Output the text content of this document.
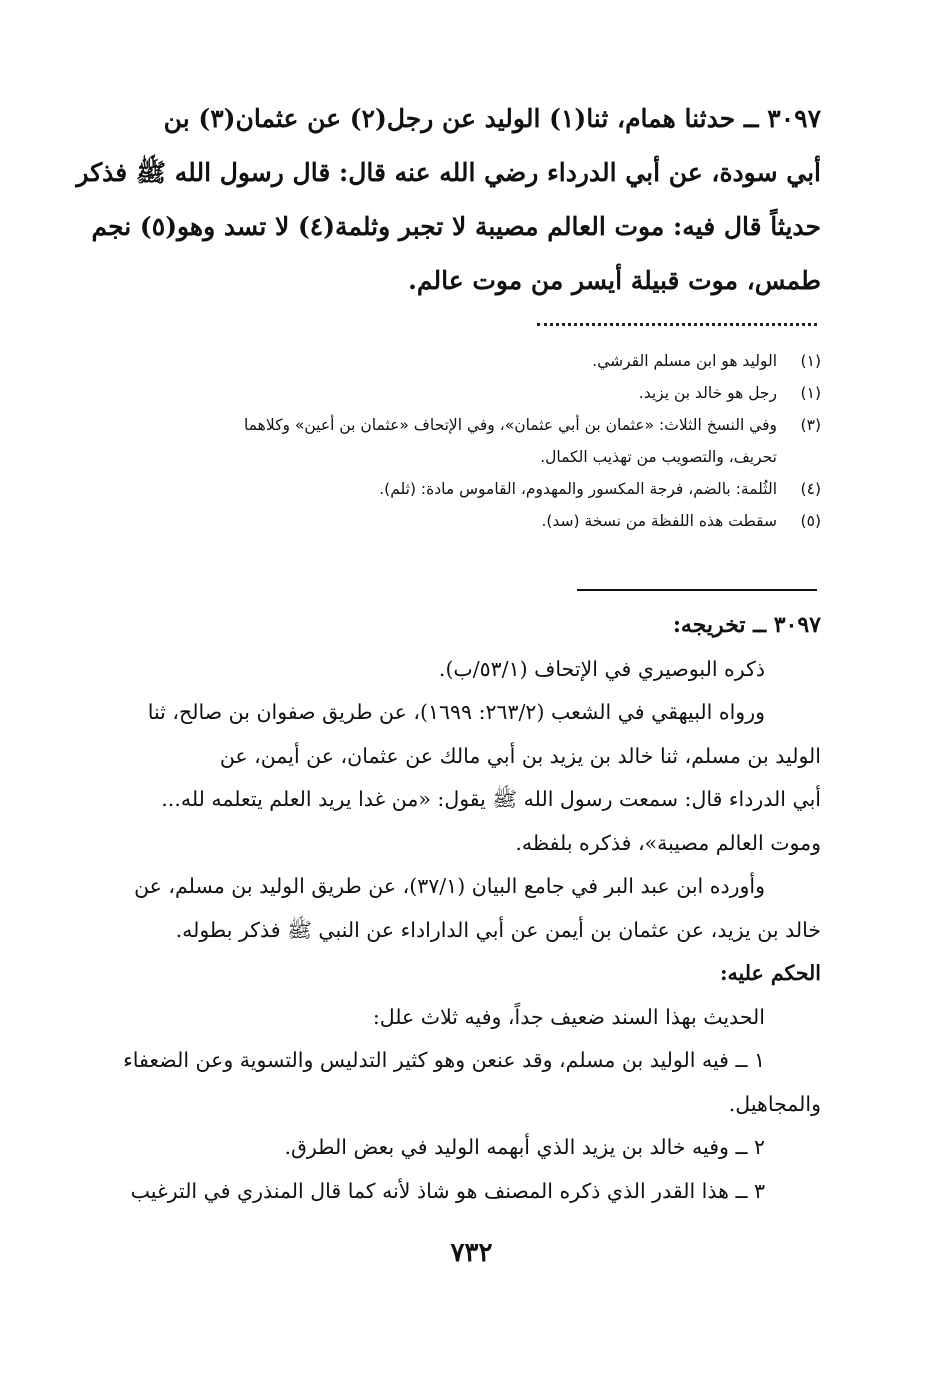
٣٠٩٧ ــ حدثنا همام، ثنا(١) الوليد عن رجل(٢) عن عثمان(٣) بن
أبي سودة، عن أبي الدرداء رضي الله عنه قال: قال رسول الله ﷺ فذكر
حديثاً قال فيه: موت العالم مصيبة لا تجبر وثلمة(٤) لا تسد وهو(٥) نجم
طمس، موت قبيلة أيسر من موت عالم.
(١)
الوليد هو ابن مسلم القرشي.
(١)
رجل هو خالد بن يزيد.
(٣)
وفي النسخ الثلاث: «عثمان بن أبي عثمان»، وفي الإتحاف «عثمان بن أعين» وكلاهما
تحريف، والتصويب من تهذيب الكمال.
(٤)
الثُلمة: بالضم، فرجة المكسور والمهدوم، القاموس مادة: (ثلم).
(٥)
سقطت هذه اللفظة من نسخة (سد).
٣٠٩٧ ــ تخريجه:
ذكره البوصيري في الإتحاف (٥٣/١/ب).
ورواه البيهقي في الشعب (٢٦٣/٢: ١٦٩٩)، عن طريق صفوان بن صالح، ثنا
الوليد بن مسلم، ثنا خالد بن يزيد بن أبي مالك عن عثمان، عن أيمن، عن
أبي الدرداء قال: سمعت رسول الله ﷺ يقول: «من غدا يريد العلم يتعلمه لله...
وموت العالم مصيبة»، فذكره بلفظه.
وأورده ابن عبد البر في جامع البيان (٣٧/١)، عن طريق الوليد بن مسلم، عن
خالد بن يزيد، عن عثمان بن أيمن عن أبي الداراداء عن النبي ﷺ فذكر بطوله.
الحكم عليه:
الحديث بهذا السند ضعيف جداً، وفيه ثلاث علل:
١ ــ فيه الوليد بن مسلم، وقد عنعن وهو كثير التدليس والتسوية وعن الضعفاء
والمجاهيل.
٢ ــ وفيه خالد بن يزيد الذي أبهمه الوليد في بعض الطرق.
٣ ــ هذا القدر الذي ذكره المصنف هو شاذ لأنه كما قال المنذري في الترغيب
٧٣٢
